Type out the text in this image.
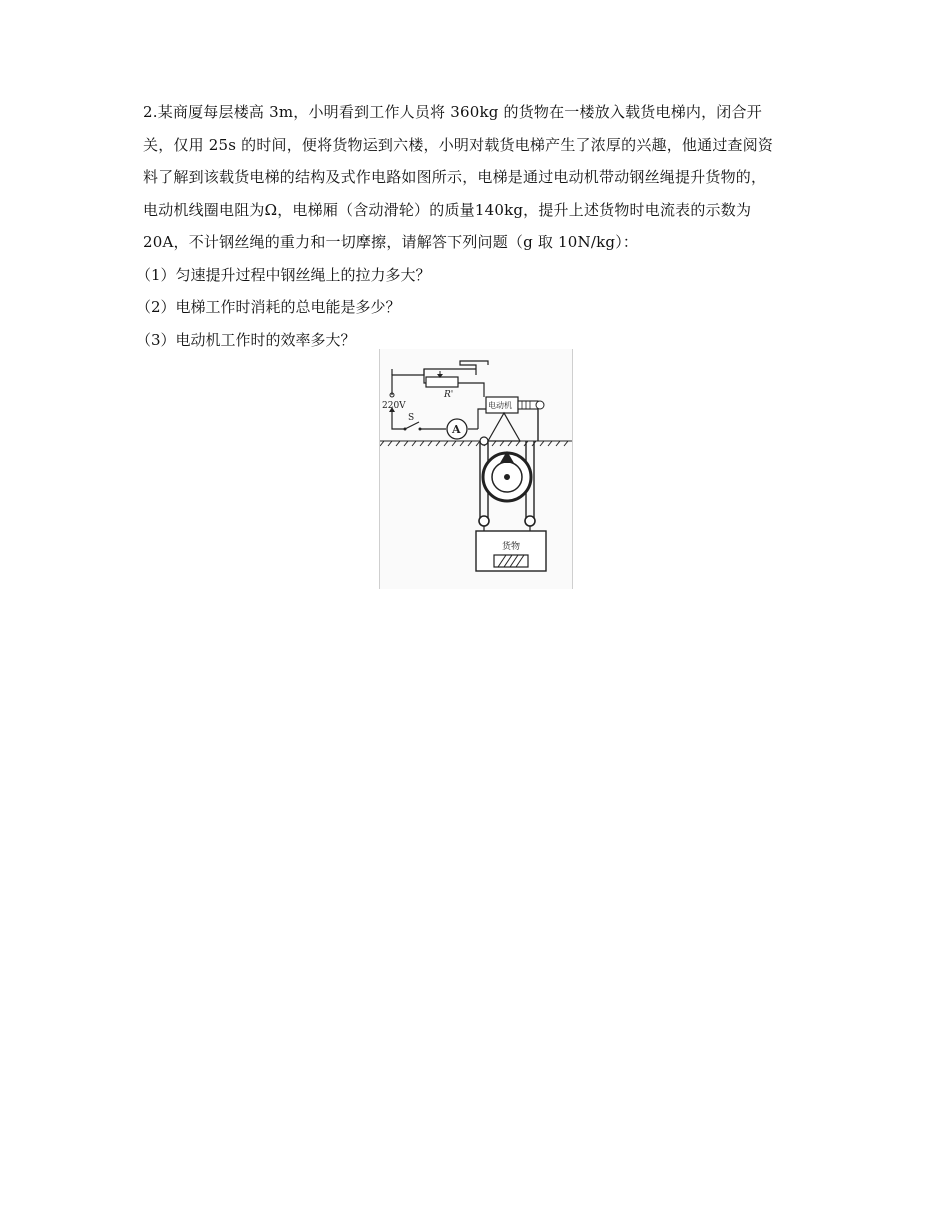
2.某商厦每层楼高 3m，小明看到工作人员将 360kg 的货物在一楼放入载货电梯内，闭合开
关，仅用 25s 的时间，便将货物运到六楼，小明对载货电梯产生了浓厚的兴趣，他通过查阅资
料了解到该载货电梯的结构及式作电路如图所示，电梯是通过电动机带动钢丝绳提升货物的，
电动机线圈电阻为Ω，电梯厢（含动滑轮）的质量140kg，提升上述货物时电流表的示数为
20A，不计钢丝绳的重力和一切摩擦，请解答下列问题（g 取 10N/kg）：
（1）匀速提升过程中钢丝绳上的拉力多大？
（2）电梯工作时消耗的总电能是多少？
（3）电动机工作时的效率多大？
220V
R'
S
A
电动机
货物
